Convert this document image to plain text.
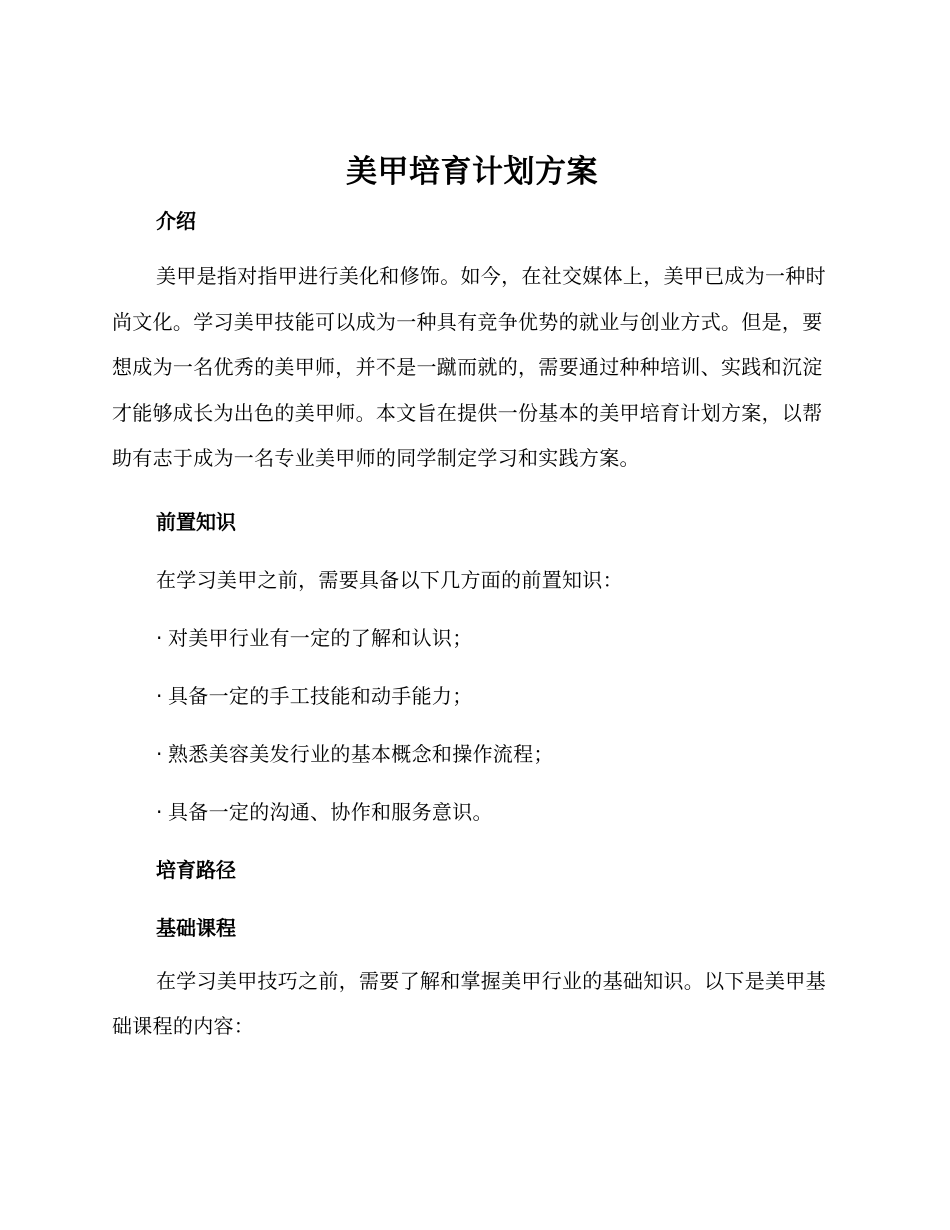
美甲培育计划方案
介绍

美甲是指对指甲进行美化和修饰。如今，在社交媒体上，美甲已成为一种时尚文化。学习美甲技能可以成为一种具有竞争优势的就业与创业方式。但是，要想成为一名优秀的美甲师，并不是一蹴而就的，需要通过种种培训、实践和沉淀才能够成长为出色的美甲师。本文旨在提供一份基本的美甲培育计划方案，以帮助有志于成为一名专业美甲师的同学制定学习和实践方案。

前置知识

在学习美甲之前，需要具备以下几方面的前置知识：

· 对美甲行业有一定的了解和认识；

· 具备一定的手工技能和动手能力；

· 熟悉美容美发行业的基本概念和操作流程；

· 具备一定的沟通、协作和服务意识。

培育路径
基础课程

在学习美甲技巧之前，需要了解和掌握美甲行业的基础知识。以下是美甲基础课程的内容：
